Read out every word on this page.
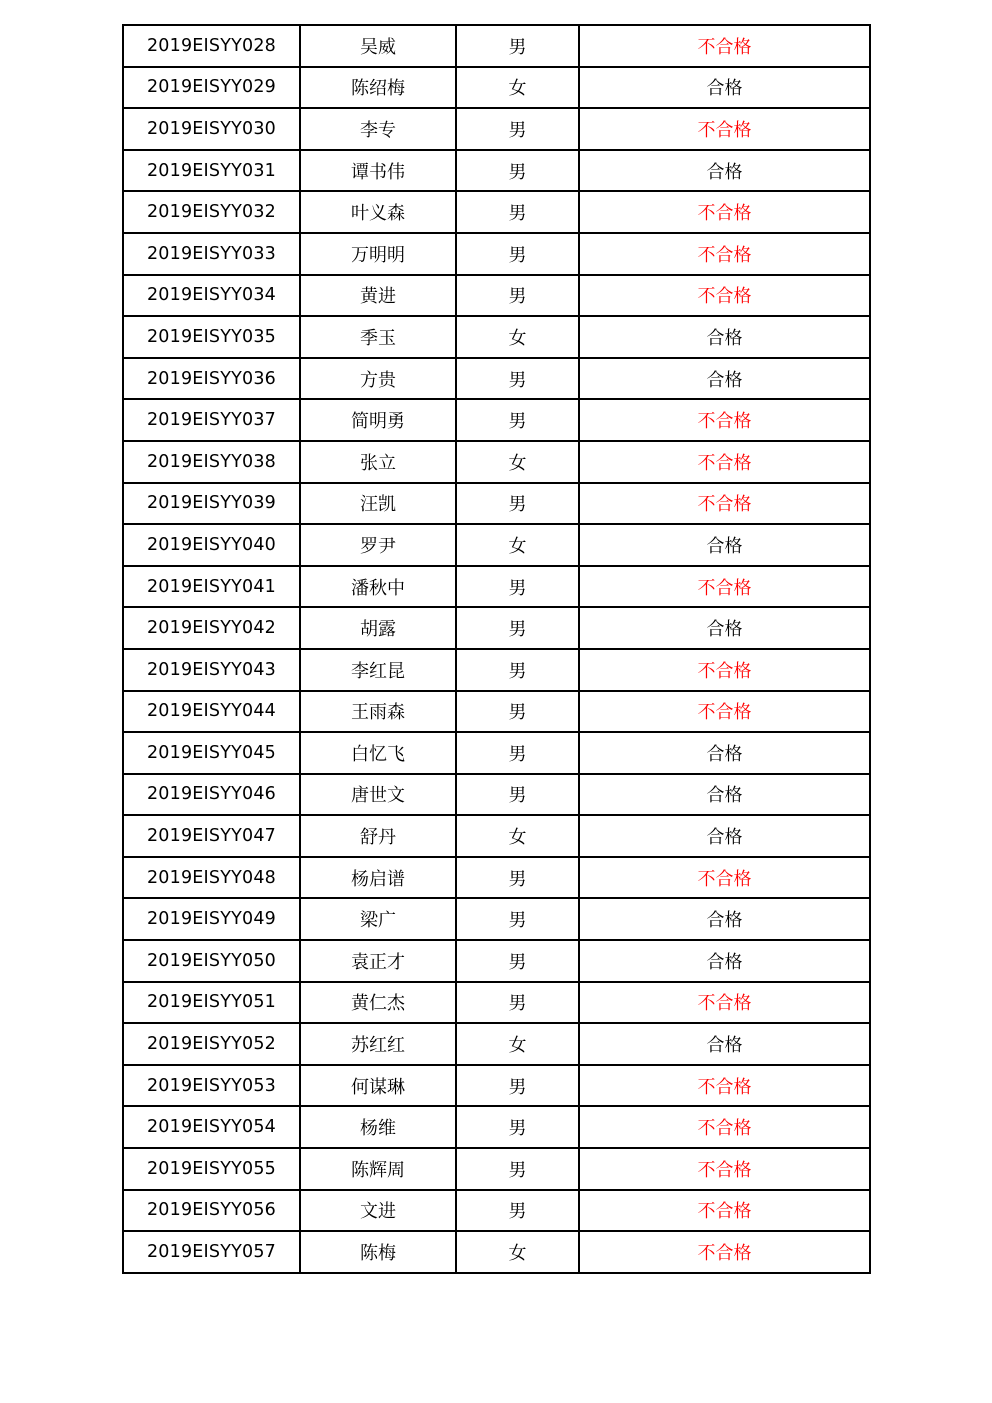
2019EISYY028	吴威	男	不合格
2019EISYY029	陈绍梅	女	合格
2019EISYY030	李专	男	不合格
2019EISYY031	谭书伟	男	合格
2019EISYY032	叶义森	男	不合格
2019EISYY033	万明明	男	不合格
2019EISYY034	黄进	男	不合格
2019EISYY035	季玉	女	合格
2019EISYY036	方贵	男	合格
2019EISYY037	简明勇	男	不合格
2019EISYY038	张立	女	不合格
2019EISYY039	汪凯	男	不合格
2019EISYY040	罗尹	女	合格
2019EISYY041	潘秋中	男	不合格
2019EISYY042	胡露	男	合格
2019EISYY043	李红昆	男	不合格
2019EISYY044	王雨森	男	不合格
2019EISYY045	白忆飞	男	合格
2019EISYY046	唐世文	男	合格
2019EISYY047	舒丹	女	合格
2019EISYY048	杨启谱	男	不合格
2019EISYY049	梁广	男	合格
2019EISYY050	袁正才	男	合格
2019EISYY051	黄仁杰	男	不合格
2019EISYY052	苏红红	女	合格
2019EISYY053	何谋琳	男	不合格
2019EISYY054	杨维	男	不合格
2019EISYY055	陈辉周	男	不合格
2019EISYY056	文进	男	不合格
2019EISYY057	陈梅	女	不合格
